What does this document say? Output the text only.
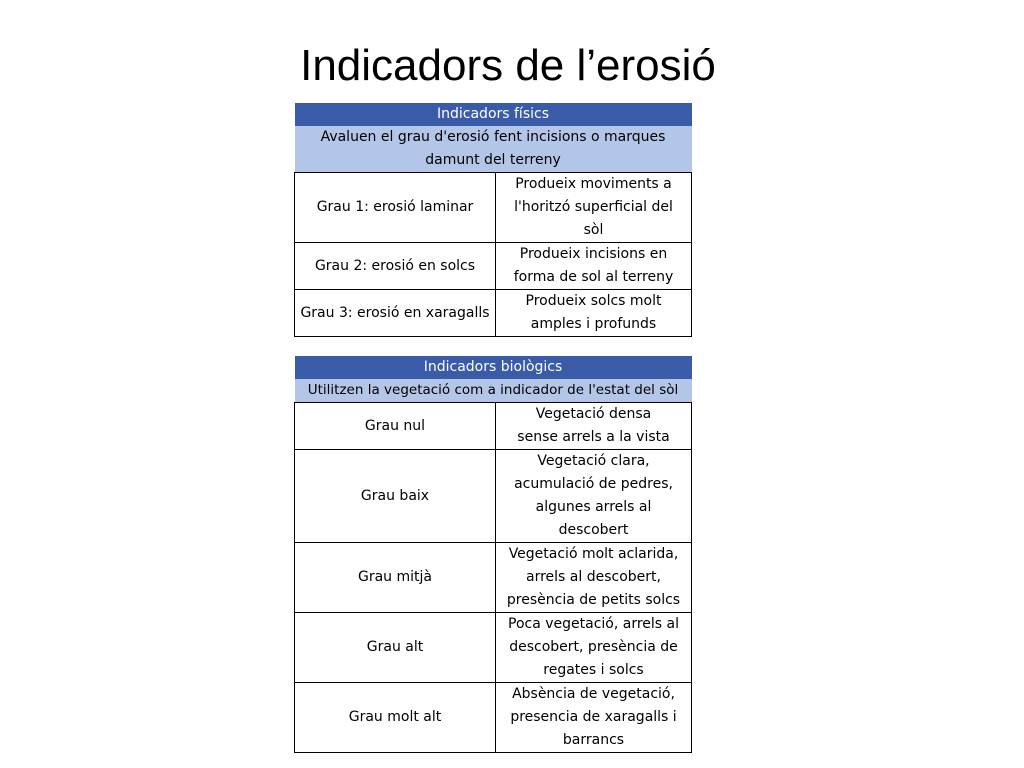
Indicadors de l’erosió
Indicadors físics	
Avaluen el grau d'erosió fent incisions o marques damunt del terreny	
Grau 1: erosió laminar	Produeix moviments a l'horitzó superficial del sòl
Grau 2: erosió en solcs	Produeix incisions en forma de sol al terreny
Grau 3: erosió en xaragalls	Produeix solcs molt amples i profunds
Indicadors biològics	
Utilitzen la vegetació com a indicador de l'estat del sòl	
Grau nul	Vegetació densa sense arrels a la vista
Grau baix	Vegetació clara, acumulació de pedres, algunes arrels al descobert
Grau mitjà	Vegetació molt aclarida, arrels al descobert, presència de petits solcs
Grau alt	Poca vegetació, arrels al descobert, presència de regates i solcs
Grau molt alt	Absència de vegetació, presencia de xaragalls i barrancs
